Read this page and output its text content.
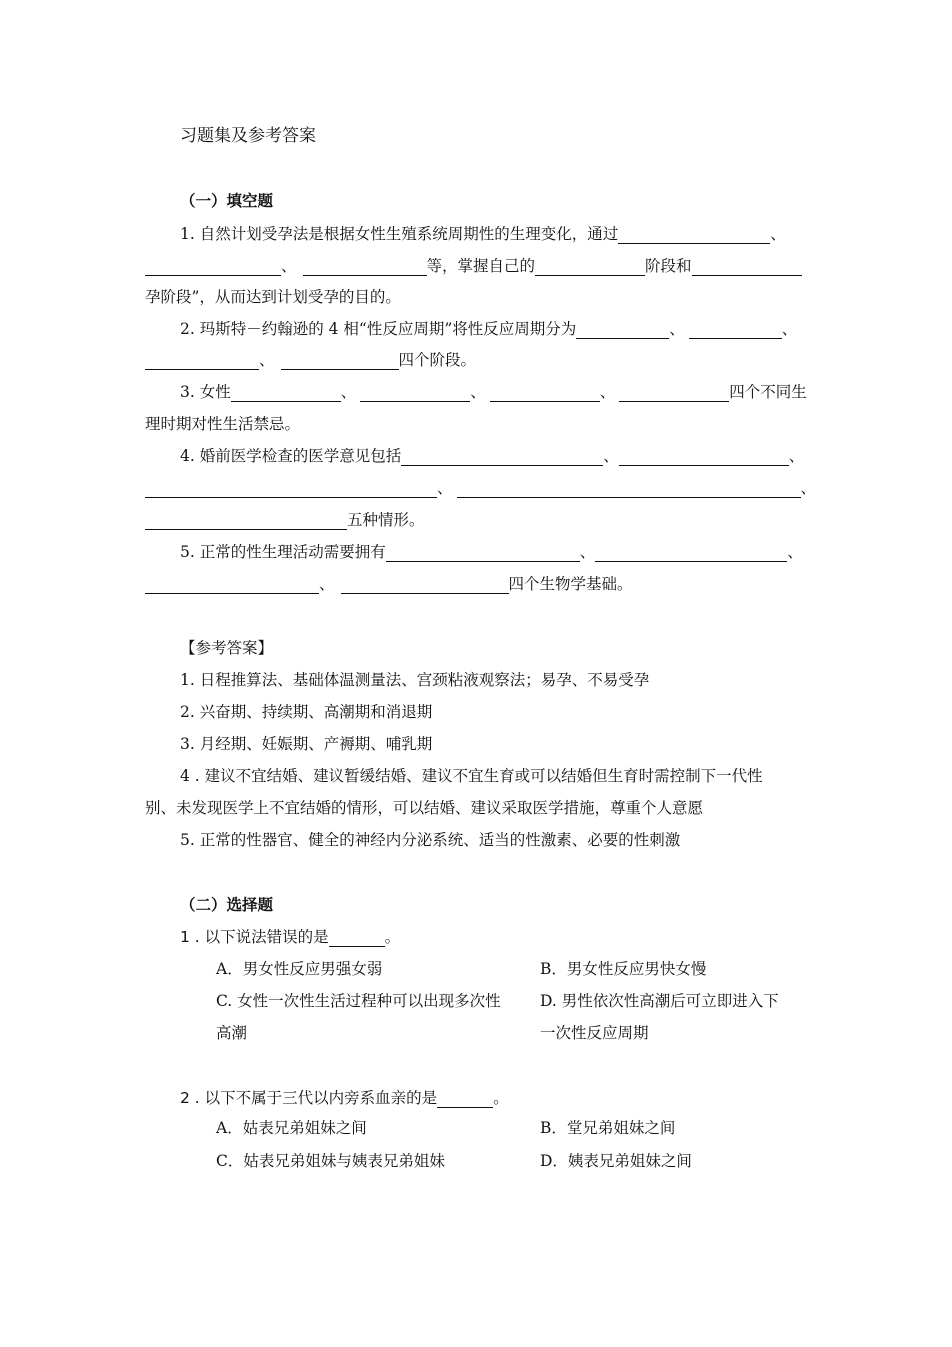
习题集及参考答案
（一）填空题
1. 自然计划受孕法是根据女性生殖系统周期性的生理变化，通过	、
、	等，掌握自己的	阶段和
孕阶段”，从而达到计划受孕的目的。
2. 玛斯特－约翰逊的 4 相“性反应周期”将性反应周期分为	、	、
、	四个阶段。
3. 女性	、	、	、	四个不同生
理时期对性生活禁忌。
4. 婚前医学检查的医学意见包括	、	、
、	、
五种情形。
5. 正常的性生理活动需要拥有	、	、
、	四个生物学基础。
【参考答案】
1. 日程推算法、基础体温测量法、宫颈粘液观察法；易孕、不易受孕
2. 兴奋期、持续期、高潮期和消退期
3. 月经期、妊娠期、产褥期、哺乳期
4 . 建议不宜结婚、建议暂缓结婚、建议不宜生育或可以结婚但生育时需控制下一代性
别、未发现医学上不宜结婚的情形，可以结婚、建议采取医学措施，尊重个人意愿
5. 正常的性器官、健全的神经内分泌系统、适当的性激素、必要的性刺激
（二）选择题
1 . 以下说法错误的是	。
A．男女性反应男强女弱	B．男女性反应男快女慢
C. 女性一次性生活过程种可以出现多次性
高潮
D. 男性依次性高潮后可立即进入下
一次性反应周期
2 . 以下不属于三代以内旁系血亲的是	。
A．姑表兄弟姐妹之间	B．堂兄弟姐妹之间
C．姑表兄弟姐妹与姨表兄弟姐妹	D．姨表兄弟姐妹之间
